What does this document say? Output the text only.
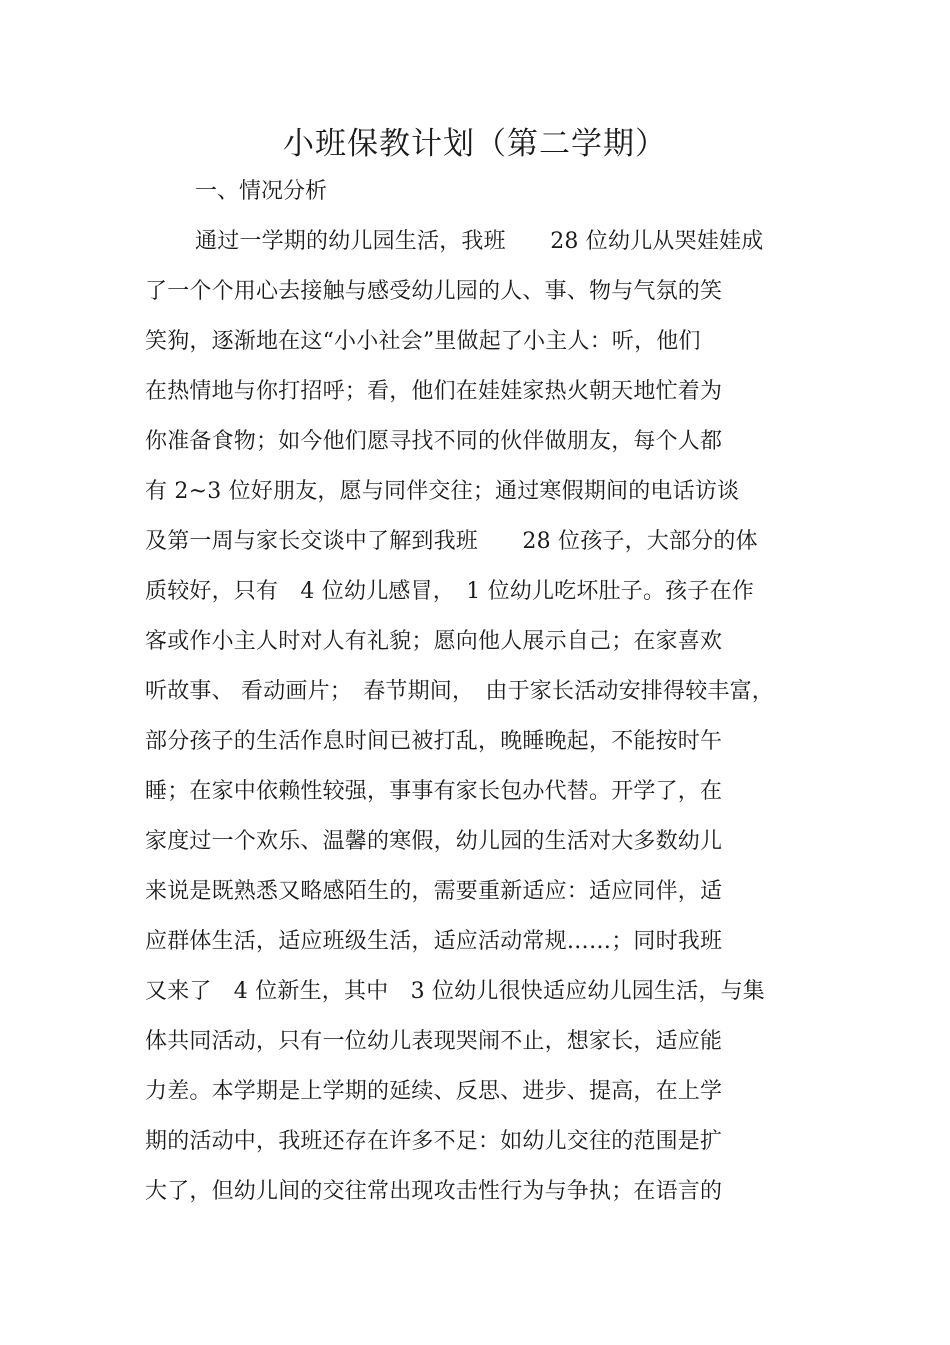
小班保教计划（第二学期）
一、情况分析
通过一学期的幼儿园生活，我班　　28 位幼儿从哭娃娃成
了一个个用心去接触与感受幼儿园的人、事、物与气氛的笑
笑狗，逐渐地在这“小小社会”里做起了小主人：听，他们
在热情地与你打招呼；看，他们在娃娃家热火朝天地忙着为
你准备食物；如今他们愿寻找不同的伙伴做朋友，每个人都
有 2~3 位好朋友，愿与同伴交往；通过寒假期间的电话访谈
及第一周与家长交谈中了解到我班　　28 位孩子，大部分的体
质较好，只有　4 位幼儿感冒，　1 位幼儿吃坏肚子。孩子在作
客或作小主人时对人有礼貌；愿向他人展示自己；在家喜欢
听故事、 看动画片；　春节期间，　由于家长活动安排得较丰富，
部分孩子的生活作息时间已被打乱，晚睡晚起，不能按时午
睡；在家中依赖性较强，事事有家长包办代替。开学了，在
家度过一个欢乐、温馨的寒假，幼儿园的生活对大多数幼儿
来说是既熟悉又略感陌生的，需要重新适应：适应同伴，适
应群体生活，适应班级生活，适应活动常规……；同时我班
又来了　4 位新生，其中　3 位幼儿很快适应幼儿园生活，与集
体共同活动，只有一位幼儿表现哭闹不止，想家长，适应能
力差。本学期是上学期的延续、反思、进步、提高，在上学
期的活动中，我班还存在许多不足：如幼儿交往的范围是扩
大了，但幼儿间的交往常出现攻击性行为与争执；在语言的
